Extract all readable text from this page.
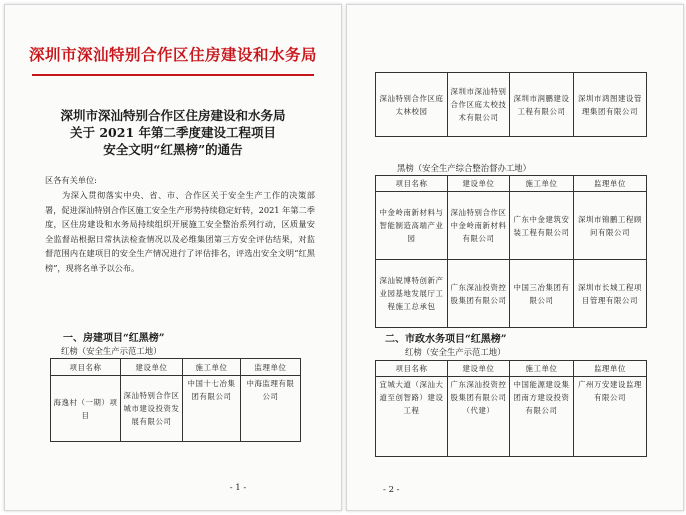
深圳市深汕特别合作区住房建设和水务局
深圳市深汕特别合作区住房建设和水务局
关于 2021 年第二季度建设工程项目
安全文明“红黑榜”的通告
区各有关单位:
为深入贯彻落实中央、省、市、合作区关于安全生产工作的决策部署，促进深汕特别合作区施工安全生产形势持续稳定好转，2021 年第二季度，区住房建设和水务局持续组织开展施工安全整治系列行动，区质量安全监督站根据日常执法检查情况以及必维集团第三方安全评估结果，对监督范围内在建项目的安全生产情况进行了评估排名，评选出安全文明“红黑榜”，现将名单予以公布。
一、房建项目“红黑榜”
红榜（安全生产示范工地）
项目名称	建设单位	施工单位	监理单位
海逸村（一期）项目	深汕特别合作区城市建设投资发展有限公司	中国十七冶集团有限公司	中海监理有限公司
- 1 -
深汕特别合作区庭太林校园	深圳市深汕特别合作区庭太校技术有限公司	深圳市润鹏建设工程有限公司	深圳市鸿图建设管理集团有限公司
黑榜（安全生产综合整治督办工地）
项目名称	建设单位	施工单位	监理单位
中金岭南新材料与智能制造高端产业园	深汕特别合作区中金岭南新材料有限公司	广东中金建筑安装工程有限公司	深圳市锦鹏工程顾问有限公司
深汕锐博特创新产业园基地发展厅工程施工总承包	广东深汕投资控股集团有限公司	中国三冶集团有限公司	深圳市长城工程项目管理有限公司
二、市政水务项目“红黑榜”
红榜（安全生产示范工地）
项目名称	建设单位	施工单位	监理单位
宜城大道（深汕大道至创智路）建设工程	广东深汕投资控股集团有限公司（代建）	中国能源建设集团南方建设投资有限公司	广州万安建设监理有限公司
- 2 -
